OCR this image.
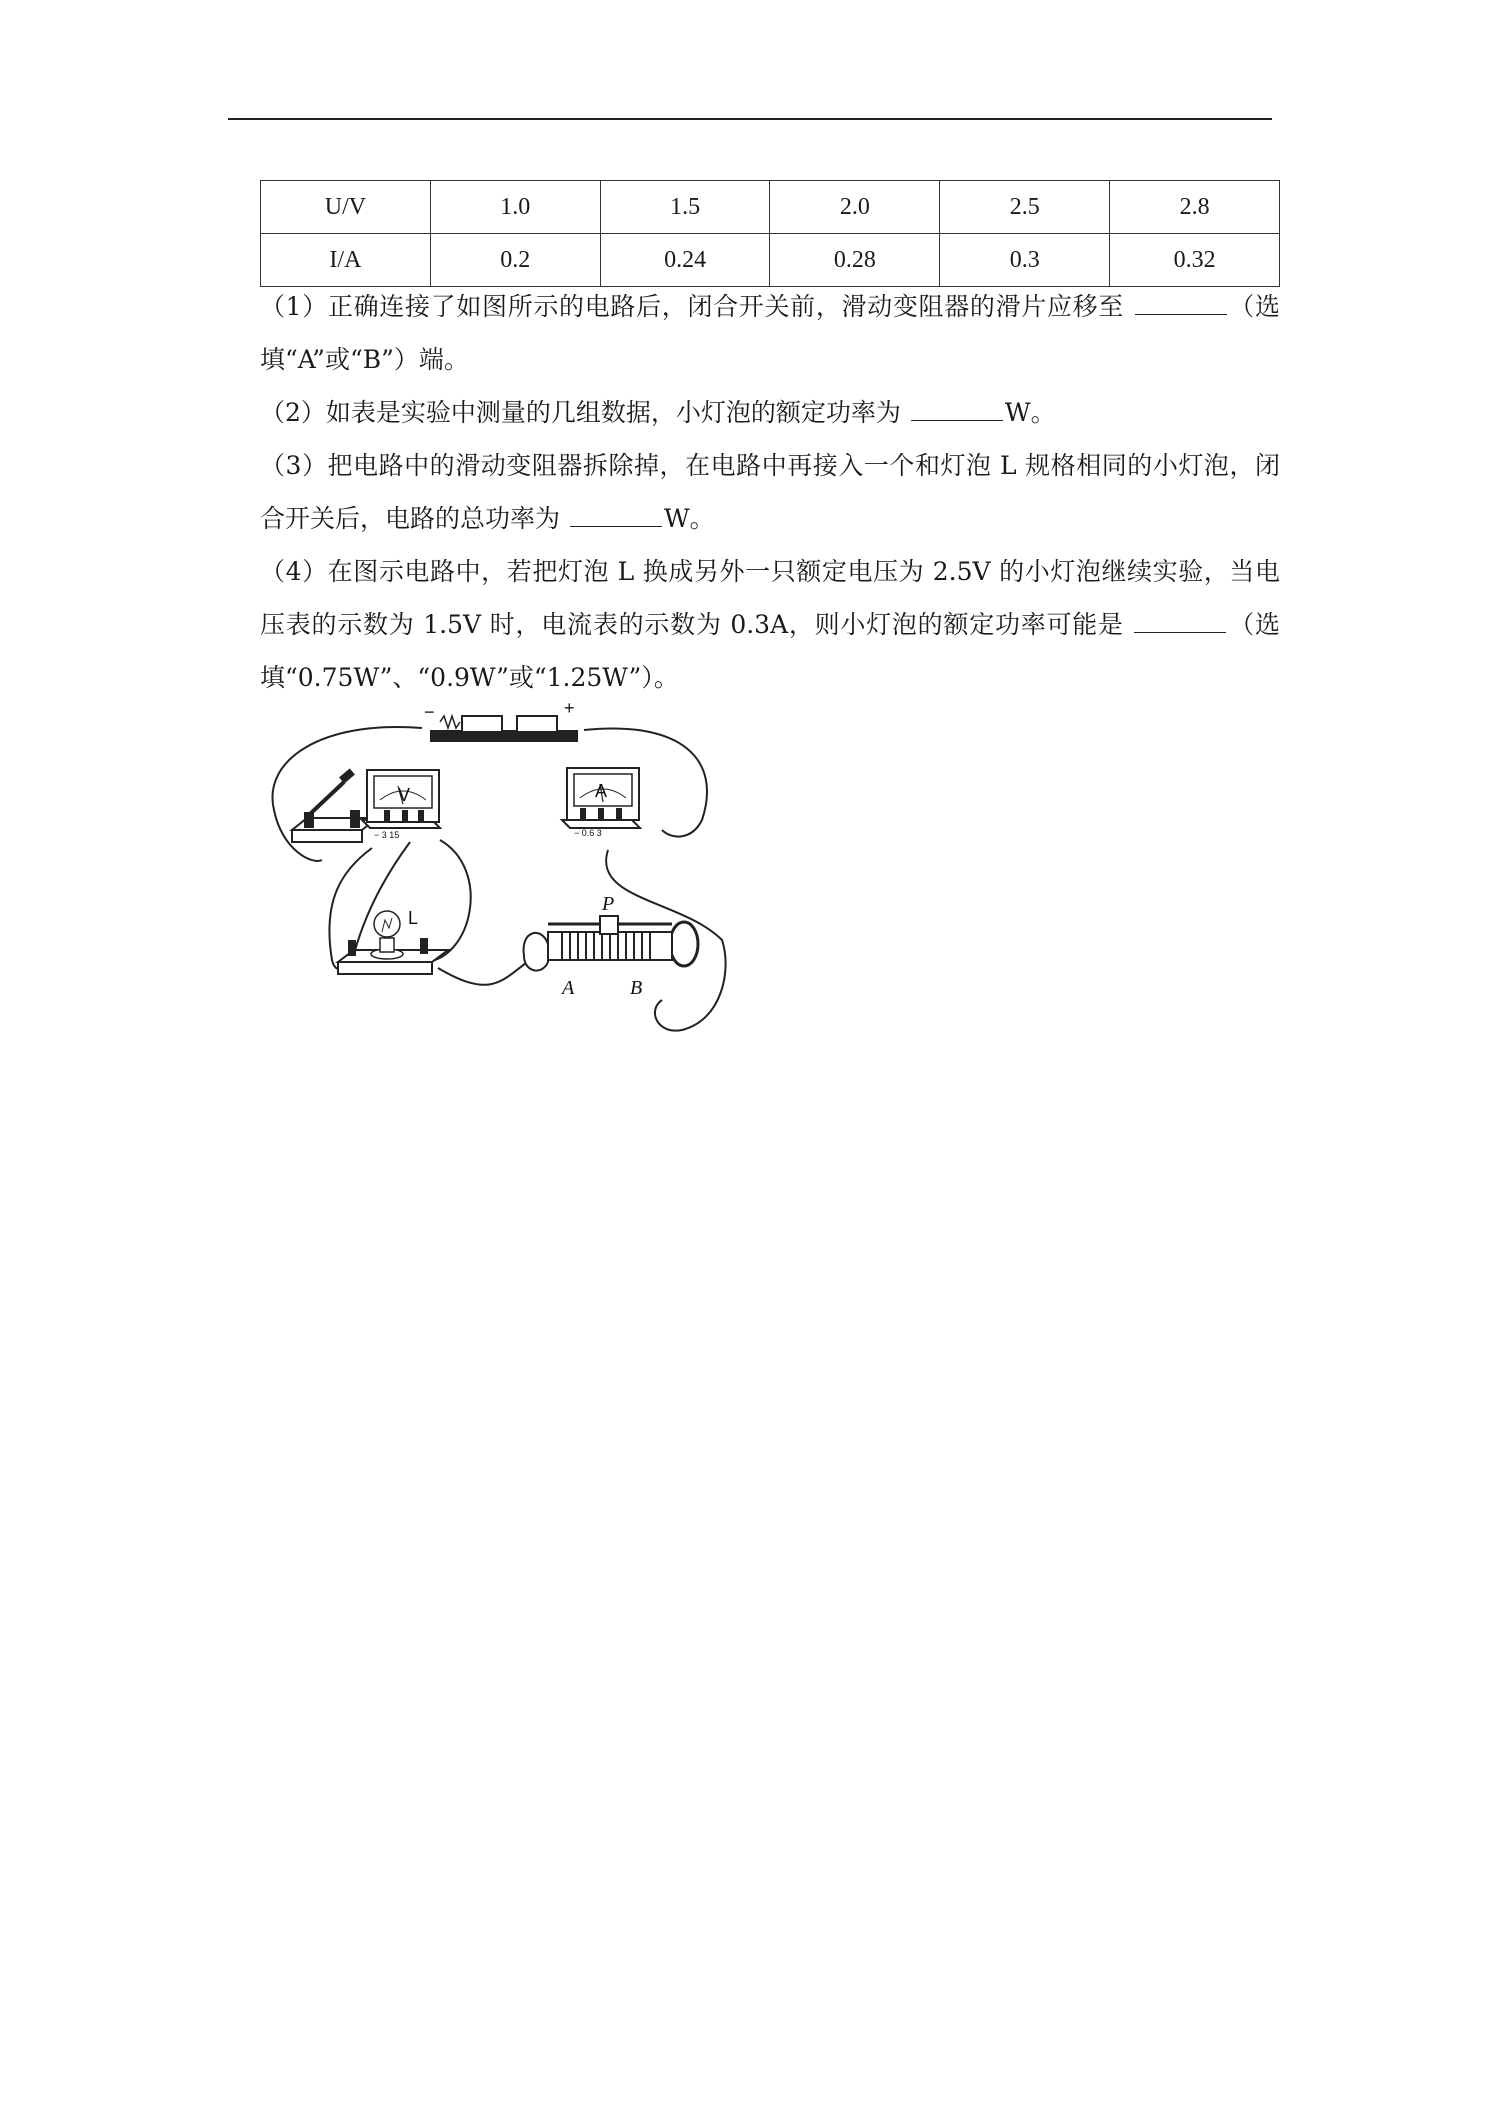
U/V	1.0	1.5	2.0	2.5	2.8
I/A	0.2	0.24	0.28	0.3	0.32

（1）正确连接了如图所示的电路后，闭合开关前，滑动变阻器的滑片应移至	（选填“A”或“B”）端。

（2）如表是实验中测量的几组数据，小灯泡的额定功率为	W。

（3）把电路中的滑动变阻器拆除掉，在电路中再接入一个和灯泡 L 规格相同的小灯泡，闭合开关后，电路的总功率为	W。

（4）在图示电路中，若把灯泡 L 换成另外一只额定电压为 2.5V 的小灯泡继续实验，当电压表的示数为 1.5V 时，电流表的示数为 0.3A，则小灯泡的额定功率可能是	（选填“0.75W”、“0.9W”或“1.25W”）。

−	+
V
− 3 15
A
− 0.6 3
L
P
A	B
